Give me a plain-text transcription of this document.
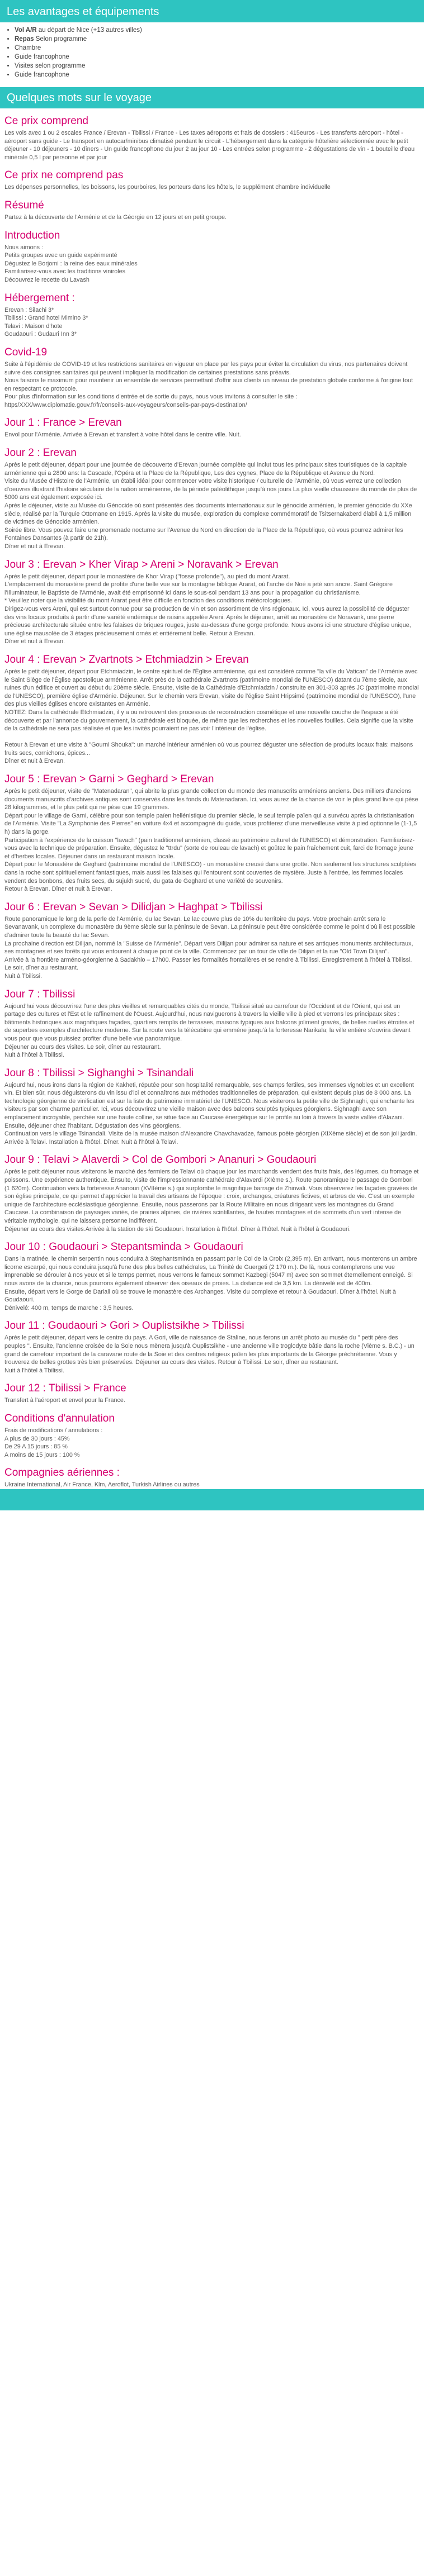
Les avantages et équipements
• Vol A/R au départ de Nice (+13 autres villes)
• Repas Selon programme
• Chambre
• Guide francophone
• Visites selon programme
• Guide francophone
Quelques mots sur le voyage
Ce prix comprend

Les vols avec 1 ou 2 escales France / Erevan - Tbilissi / France - Les taxes aéroports et frais de dossiers : 415euros - Les transferts aéroport - hôtel - aéroport sans guide - Le transport en autocar/minibus climatisé pendant le circuit - L'hébergement dans la catégorie hôtelière sélectionnée avec le petit déjeuner - 10 déjeuners - 10 dîners - Un guide francophone du jour 2 au jour 10 - Les entrées selon programme - 2 dégustations de vin - 1 bouteille d'eau minérale 0,5 l par personne et par jour

Ce prix ne comprend pas

Les dépenses personnelles, les boissons, les pourboires, les porteurs dans les hôtels, le supplément chambre individuelle

Résumé

Partez à la découverte de l'Arménie et de la Géorgie en 12 jours et en petit groupe.

Introduction

Nous aimons :
Petits groupes avec un guide expérimenté
Dégustez le Borjomi : la reine des eaux minérales
Familiarisez-vous avec les traditions viniroles
Découvrez le recette du Lavash

Hébergement :

Erevan : Silachi 3*
Tbilissi : Grand hotel Mimino 3*
Telavi : Maison d'hote
Goudaouri : Gudauri Inn 3*

Covid-19

Suite à l'épidémie de COVID-19 et les restrictions sanitaires en vigueur en place par les pays pour éviter la circulation du virus, nos partenaires doivent suivre des consignes sanitaires qui peuvent impliquer la modification de certaines prestations sans préavis.
Nous faisons le maximum pour maintenir un ensemble de services permettant d'offrir aux clients un niveau de prestation globale conforme à l'origine tout en respectant ce protocole.
Pour plus d'information sur les conditions d'entrée et de sortie du pays, nous vous invitons à consulter le site : https/XXX/www.diplomatie.gouv.fr/fr/conseils-aux-voyageurs/conseils-par-pays-destination/

Jour 1 : France > Erevan

Envol pour l'Arménie. Arrivée à Erevan et transfert à votre hôtel dans le centre ville. Nuit.

Jour 2 : Erevan

Après le petit déjeuner, départ pour une journée de découverte d'Erevan journée complète qui inclut tous les principaux sites touristiques de la capitale arménienne qui a 2800 ans: la Cascade, l'Opéra et la Place de la République, Les des cygnes, Place de la République et Avenue du Nord.
Visite du Musée d'Histoire de l'Arménie, un établi idéal pour commencer votre visite historique / culturelle de l'Arménie, où vous verrez une collection d'oeuvres illustrant l'histoire séculaire de la nation arménienne, de la période paléolithique jusqu'à nos jours La plus vieille chaussure du monde de plus de 5000 ans est également exposée ici.
Après le déjeuner, visite au Musée du Génocide où sont présentés des documents internationaux sur le génocide arménien, le premier génocide du XXe siècle, réalisé par la Turquie Ottomane en 1915. Après la visite du musée, exploration du complexe commémoratif de Tsitsernakaberd élabli à 1,5 million de victimes de Génocide arménien.
Soirée libre. Vous pouvez faire une promenade nocturne sur l'Avenue du Nord en direction de la Place de la République, où vous pourrez admirer les Fontaines Dansantes (à partir de 21h).
Dîner et nuit à Erevan.

Jour 3 : Erevan > Kher Virap > Areni > Noravank > Erevan

Après le petit déjeuner, départ pour le monastère de Khor Virap ("fosse profonde"), au pied du mont Ararat.
L'emplacement du monastère prend de profite d'une belle vue sur la montagne biblique Ararat, où l'arche de Noé a jeté son ancre. Saint Grégoire l'Illuminateur, le Baptiste de l'Arménie, avait été emprisonné ici dans le sous-sol pendant 13 ans pour la propagation du christianisme.
* Veuillez noter que la visibilité du mont Ararat peut être difficile en fonction des conditions météorologiques.
Dirigez-vous vers Areni, qui est surtout connue pour sa production de vin et son assortiment de vins régionaux. Ici, vous aurez la possibilité de déguster des vins locaux produits à partir d'une variété endémique de raisins appelée Areni. Après le déjeuner, arrêt au monastère de Noravank, une pierre précieuse architecturale située entre les falaises de briques rouges, juste au-dessus d'une gorge profonde. Nous avons ici une structure d'église unique, une église mausolée de 3 étages précieusement ornés et entièrement belle. Retour à Erevan.
Dîner et nuit à Erevan.

Jour 4 : Erevan > Zvartnots > Etchmiadzin > Erevan

Après le petit déjeuner, départ pour Etchmiadzin, le centre spirituel de l'Église arménienne, qui est considéré comme "la ville du Vatican" de l'Arménie avec le Saint Siège de l'Église apostolique arménienne. Arrêt près de la cathédrale Zvartnots (patrimoine mondial de l'UNESCO) datant du 7ème siècle, aux ruines d'un édifice et ouvert au début du 20ème siècle. Ensuite, visite de la Cathédrale d'Etchmiadzin / construite en 301-303 après JC (patrimoine mondial de l'UNESCO), première église d'Arménie. Déjeuner. Sur le chemin vers Erevan, visite de l'église Saint Hripsimé (patrimoine mondial de l'UNESCO), l'une des plus vieilles églises encore existantes en Arménie.
NOTEZ: Dans la cathédrale Etchmiadzin, il y a ou retrouvent des processus de reconstruction cosmétique et une nouvelle couche de l'espace a été découverte et par l'annonce du gouvernement, la cathédrale est bloquée, de même que les recherches et les nouvelles fouilles. Cela signifie que la visite de la cathédrale ne sera pas réalisée et que les invités pourraient ne pas voir l'intérieur de l'église.

Retour à Erevan et une visite à "Gourni Shouka": un marché intérieur arménien où vous pourrez déguster une sélection de produits locaux frais: maisons fruits secs, cornichons, épices...
Dîner et nuit à Erevan.

Jour 5 : Erevan > Garni > Geghard > Erevan

Après le petit déjeuner, visite de "Matenadaran", qui abrite la plus grande collection du monde des manuscrits arméniens anciens. Des milliers d'anciens documents manuscrits d'archives antiques sont conservés dans les fonds du Matenadaran. Ici, vous aurez de la chance de voir le plus grand livre qui pèse 28 kilogrammes, et le plus petit qui ne pèse que 19 grammes.
Départ pour le village de Garni, célèbre pour son temple païen hellénistique du premier siècle, le seul temple païen qui a survécu après la christianisation de l'Arménie. Visite "La Symphonie des Pierres" en voiture 4x4 et accompagné du guide, vous profiterez d'une merveilleuse visite à pied optionnelle (1-1,5 h) dans la gorge.
Participation à l'expérience de la cuisson "lavach" (pain traditionnel arménien, classé au patrimoine culturel de l'UNESCO) et démonstration. Familiarisez-vous avec la technique de préparation. Ensuite, dégustez le "ttrdu" (sorte de rouleau de lavach) et goûtez le pain fraîchement cuit, farci de fromage jeune et d'herbes locales. Déjeuner dans un restaurant maison locale.
Départ pour le Monastère de Geghard (patrimoine mondial de l'UNESCO) - un monastère creusé dans une grotte. Non seulement les structures sculptées dans la roche sont spirituellement fantastiques, mais aussi les falaises qui l'entourent sont couvertes de mystère. Juste à l'entrée, les femmes locales vendent des bonbons, des fruits secs, du sujukh sucré, du gata de Geghard et une variété de souvenirs.
Retour à Erevan. Dîner et nuit à Erevan.

Jour 6 : Erevan > Sevan > Dilidjan > Haghpat > Tbilissi

Route panoramique le long de la perle de l'Arménie, du lac Sevan. Le lac couvre plus de 10% du territoire du pays. Votre prochain arrêt sera le Sevanavank, un complexe du monastère du 9ème siècle sur la péninsule de Sevan. La péninsule peut être considérée comme le point d'où il est possible d'admirer toute la beauté du lac Sevan.
La prochaine direction est Dilijan, nommé la "Suisse de l'Arménie". Départ vers Dilijan pour admirer sa nature et ses antiques monuments architecturaux, ses montagnes et ses forêts qui vous entourent à chaque point de la ville. Commencez par un tour de ville de Dilijan et la rue "Old Town Dilijan".
Arrivée à la frontière arméno-géorgienne à Sadakhlo – 17h00. Passer les formalités frontalières et se rendre à Tbilissi. Enregistrement à l'hôtel à Tbilissi. Le soir, dîner au restaurant.
Nuit à Tbilissi.

Jour 7 : Tbilissi

Aujourd'hui vous découvrirez l'une des plus vieilles et remarquables cités du monde, Tbilissi situé au carrefour de l'Occident et de l'Orient, qui est un partage des cultures et l'Est et le raffinement de l'Ouest. Aujourd'hui, nous naviguerons à travers la vieille ville à pied et verrons les principaux sites : bâtiments historiques aux magnifiques façades, quartiers remplis de terrasses, maisons typiques aux balcons joliment gravés, de belles ruelles étroites et de superbes exemples d'architecture moderne. Sur la route vers la télécabine qui emmène jusqu'à la forteresse Narikala; la ville entière s'ouvrira devant vous pour que vous puissiez profiter d'une belle vue panoramique.
Déjeuner au cours des visites. Le soir, dîner au restaurant.
Nuit à l'hôtel à Tbilissi.

Jour 8 : Tbilissi > Sighanghi > Tsinandali

Aujourd'hui, nous irons dans la région de Kakheti, réputée pour son hospitalité remarquable, ses champs fertiles, ses immenses vignobles et un excellent vin. Et bien sûr, nous déguisterons du vin issu d'ici et connaîtrons aux méthodes traditionnelles de préparation, qui existent depuis plus de 8 000 ans. La technologie géorgienne de vinification est sur la liste du patrimoine immatériel de l'UNESCO. Nous visiterons la petite ville de Sighnaghi, qui enchante les visiteurs par son charme particulier. Ici, vous découvrirez une vieille maison avec des balcons sculptés typiques géorgiens. Sighnaghi avec son emplacement incroyable, perchée sur une haute colline, se situe face au Caucase énergétique sur le profile au loin à travers la vaste vallée d'Alazani. Ensuite, déjeuner chez l'habitant. Dégustation des vins géorgiens.
Continuation vers le village Tsinandali. Visite de la musée maison d'Alexandre Chavchavadze, famous poète géorgien (XIXème siècle) et de son joli jardin.
Arrivée à Telavi. Installation à l'hôtel. Dîner. Nuit à l'hôtel à Telavi.

Jour 9 : Telavi > Alaverdi > Col de Gombori > Ananuri > Goudaouri

Après le petit déjeuner nous visiterons le marché des fermiers de Telavi où chaque jour les marchands vendent des fruits frais, des légumes, du fromage et poissons. Une expérience authentique. Ensuite, visite de l'impressionnante cathédrale d'Alaverdi (XIème s.). Route panoramique le passage de Gombori (1 620m). Continuation vers la forteresse Ananouri (XVIIème s.) qui surplombe le magnifique barrage de Zhinvali. Vous observerez les façades gravées de son église principale, ce qui permet d'apprécier la travail des artisans de l'époque : croix, archanges, créatures fictives, et arbres de vie. C'est un exemple unique de l'architecture ecclésiastique géorgienne. Ensuite, nous passerons par la Route Militaire en nous dirigeant vers les montagnes du Grand Caucase. La combinaison de paysages variés, de prairies alpines, de rivières scintillantes, de hautes montagnes et de sommets d'un vert intense de véritable mythologie, qui ne laissera personne indifférent.
Déjeuner au cours des visites.Arrivée à la station de ski Goudaouri. Installation à l'hôtel. Dîner à l'hôtel. Nuit à l'hôtel à Goudaouri.

Jour 10 : Goudaouri > Stepantsminda > Goudaouri

Dans la matinée, le chemin serpentin nous conduira à Stephantsminda en passant par le Col de la Croix (2,395 m). En arrivant, nous monterons un ambre licorne escarpé, qui nous conduira jusqu'à l'une des plus belles cathédrales, La Trinité de Guergeti (2 170 m.). De là, nous contemplerons une vue imprenable se dérouler à nos yeux et si le temps permet, nous verrons le fameux sommet Kazbegi (5047 m) avec son sommet éternellement enneigé. Si nous avons de la chance, nous pourrons également observer des oiseaux de proies. La distance est de 3,5 km. La dénivelé est de 400m.
Ensuite, départ vers le Gorge de Dariali où se trouve le monastère des Archanges. Visite du complexe et retour à Goudaouri. Dîner à l'hôtel. Nuit à Goudaouri.
Dénivelé: 400 m, temps de marche : 3,5 heures.

Jour 11 : Goudaouri > Gori > Ouplistsikhe > Tbilissi

Après le petit déjeuner, départ vers le centre du pays. A Gori, ville de naissance de Staline, nous ferons un arrêt photo au musée du " petit père des peuples ". Ensuite, l'ancienne croisée de la Soie nous mènera jusqu'à Ouplistsikhe - une ancienne ville troglodyte bâtie dans la roche (Vième s. B.C.) - un grand de carrefour important de la caravane route de la Soie et des centres religieux païen les plus importants de la Géorgie préchrétienne. Vous y trouverez de belles grottes très bien préservées. Déjeuner au cours des visites. Retour à Tbilissi. Le soir, dîner au restaurant.
Nuit à l'hôtel à Tbilissi.

Jour 12 : Tbilissi > France

Transfert à l'aéroport et envol pour la France.

Conditions d'annulation

Frais de modifications / annulations :
A plus de 30 jours : 45%
De 29 A 15 jours : 85 %
A moins de 15 jours : 100 %

Compagnies aériennes :

Ukraine International, Air France, Klm, Aeroflot, Turkish Airlines ou autres
